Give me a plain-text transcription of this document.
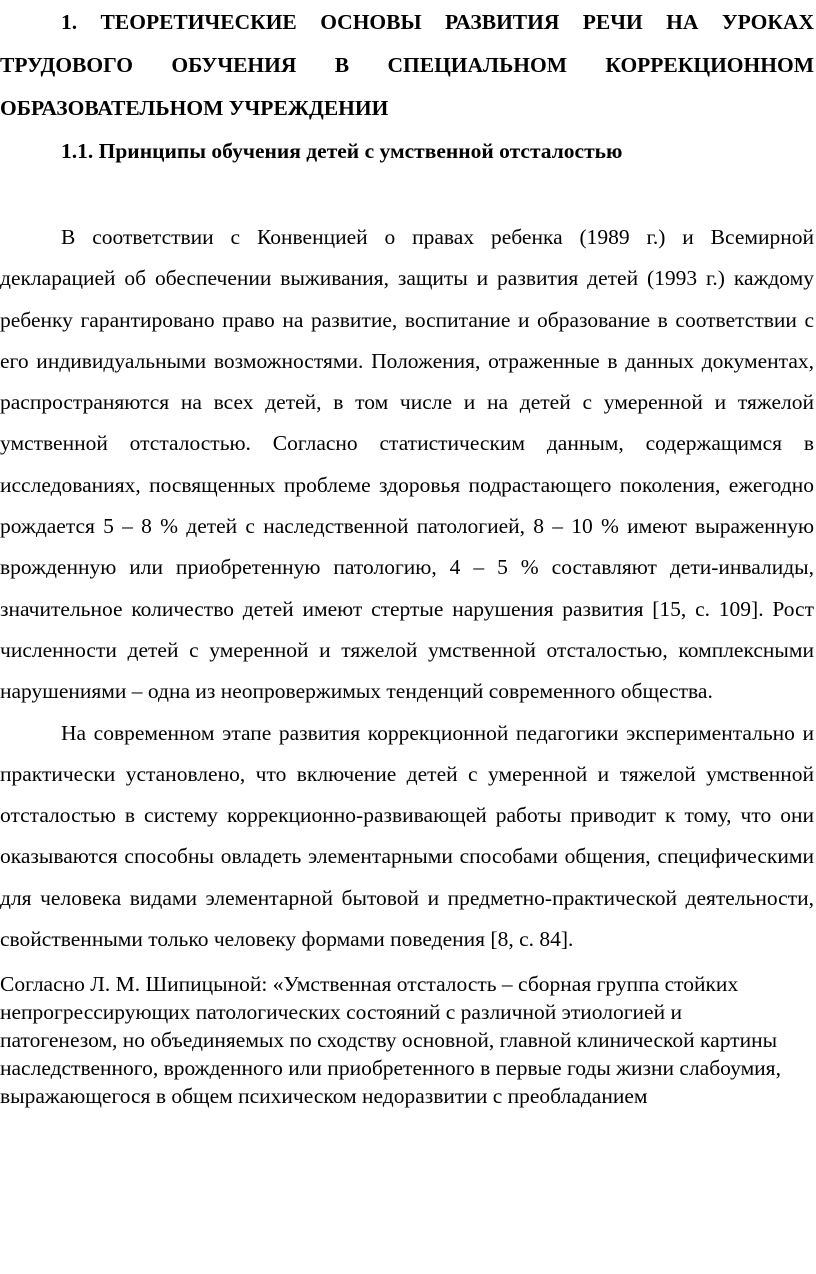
1. ТЕОРЕТИЧЕСКИЕ ОСНОВЫ РАЗВИТИЯ РЕЧИ НА УРОКАХ ТРУДОВОГО ОБУЧЕНИЯ В СПЕЦИАЛЬНОМ КОРРЕКЦИОННОМ ОБРАЗОВАТЕЛЬНОМ УЧРЕЖДЕНИИ
1.1. Принципы обучения детей с умственной отсталостью

В соответствии с Конвенцией о правах ребенка (1989 г.) и Всемирной декларацией об обеспечении выживания, защиты и развития детей (1993 г.) каждому ребенку гарантировано право на развитие, воспитание и образование в соответствии с его индивидуальными возможностями. Положения, отраженные в данных документах, распространяются на всех детей, в том числе и на детей с умеренной и тяжелой умственной отсталостью. Согласно статистическим данным, содержащимся в исследованиях, посвященных проблеме здоровья подрастающего поколения, ежегодно рождается 5 – 8 % детей с наследственной патологией, 8 – 10 % имеют выраженную врожденную или приобретенную патологию, 4 – 5 % составляют дети-инвалиды, значительное количество детей имеют стертые нарушения развития [15, с. 109]. Рост численности детей с умеренной и тяжелой умственной отсталостью, комплексными нарушениями – одна из неопровержимых тенденций современного общества.

На современном этапе развития коррекционной педагогики экспериментально и практически установлено, что включение детей с умеренной и тяжелой умственной отсталостью в систему коррекционно-развивающей работы приводит к тому, что они оказываются способны овладеть элементарными способами общения, специфическими для человека видами элементарной бытовой и предметно-практической деятельности, свойственными только человеку формами поведения [8, с. 84].

Согласно Л. М. Шипицыной: «Умственная отсталость – сборная группа стойких непрогрессирующих патологических состояний с различной этиологией и патогенезом, но объединяемых по сходству основной, главной клинической картины наследственного, врожденного или приобретенного в первые годы жизни слабоумия, выражающегося в общем психическом недоразвитии с преобладанием
